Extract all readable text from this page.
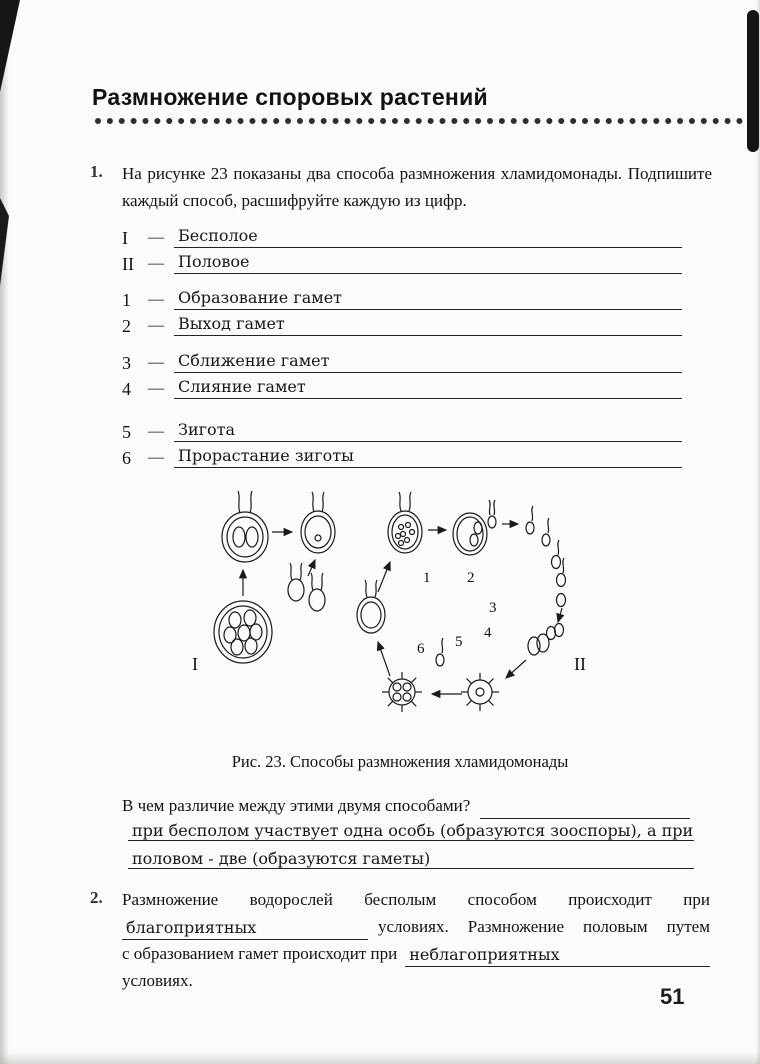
Размножение споровых растений
1. На рисунке 23 показаны два способа размножения хламидомонады. Подпишите каждый способ, расшифруйте каждую из цифр.
I	— Бесполое
II — Половое
1	— Образование гамет
2	— Выход гамет
3	— Сближение гамет
4	— Слияние гамет
5	— Зигота
6	— Прорастание зиготы
1 2
3
4
5
6
I	II
Рис. 23. Способы размножения хламидомонады
В чем различие между этими двумя способами?
при бесполом участвует одна особь (образуются зооспоры), а при
половом - две (образуются гаметы)
2. Размножение водорослей бесполым способом происходит при
благоприятных	условиях. Размножение половым путем
с образованием гамет происходит при неблагоприятных
условиях.
51
